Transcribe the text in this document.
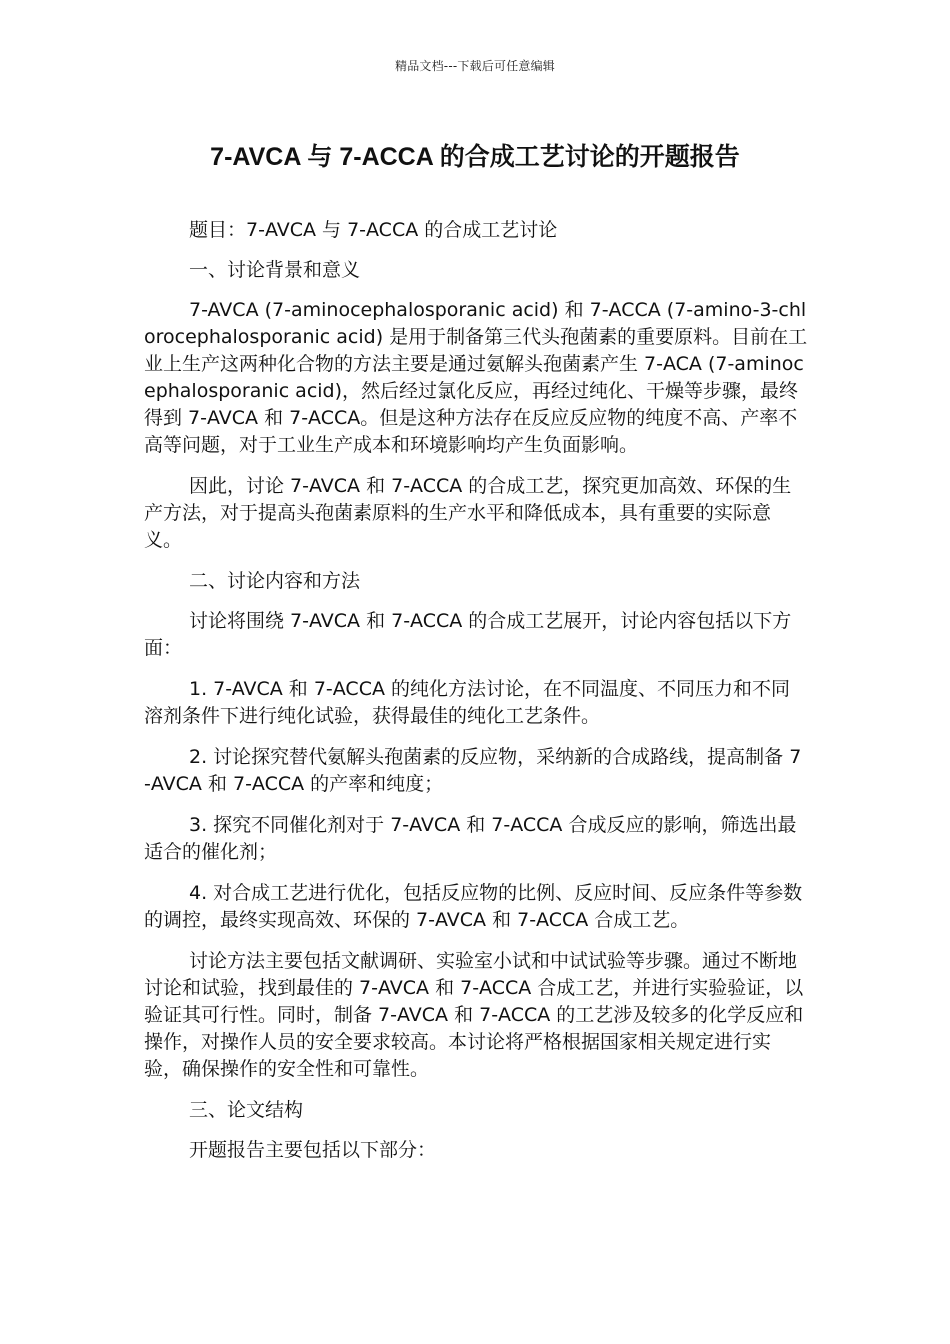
精品文档---下载后可任意编辑
7-AVCA 与 7-ACCA 的合成工艺讨论的开题报告

题目：7-AVCA 与 7-ACCA 的合成工艺讨论

一、讨论背景和意义

7-AVCA (7-aminocephalosporanic acid) 和 7-ACCA (7-amino-3-chlorocephalosporanic acid) 是用于制备第三代头孢菌素的重要原料。目前在工业上生产这两种化合物的方法主要是通过氨解头孢菌素产生 7-ACA (7-aminocephalosporanic acid)，然后经过氯化反应，再经过纯化、干燥等步骤，最终得到 7-AVCA 和 7-ACCA。但是这种方法存在反应反应物的纯度不高、产率不高等问题，对于工业生产成本和环境影响均产生负面影响。

因此，讨论 7-AVCA 和 7-ACCA 的合成工艺，探究更加高效、环保的生产方法，对于提高头孢菌素原料的生产水平和降低成本，具有重要的实际意义。

二、讨论内容和方法

讨论将围绕 7-AVCA 和 7-ACCA 的合成工艺展开，讨论内容包括以下方面：

1. 7-AVCA 和 7-ACCA 的纯化方法讨论，在不同温度、不同压力和不同溶剂条件下进行纯化试验，获得最佳的纯化工艺条件。

2. 讨论探究替代氨解头孢菌素的反应物，采纳新的合成路线，提高制备 7-AVCA 和 7-ACCA 的产率和纯度；

3. 探究不同催化剂对于 7-AVCA 和 7-ACCA 合成反应的影响，筛选出最适合的催化剂；

4. 对合成工艺进行优化，包括反应物的比例、反应时间、反应条件等参数的调控，最终实现高效、环保的 7-AVCA 和 7-ACCA 合成工艺。

讨论方法主要包括文献调研、实验室小试和中试试验等步骤。通过不断地讨论和试验，找到最佳的 7-AVCA 和 7-ACCA 合成工艺，并进行实验验证，以验证其可行性。同时，制备 7-AVCA 和 7-ACCA 的工艺涉及较多的化学反应和操作，对操作人员的安全要求较高。本讨论将严格根据国家相关规定进行实验，确保操作的安全性和可靠性。

三、论文结构

开题报告主要包括以下部分：
